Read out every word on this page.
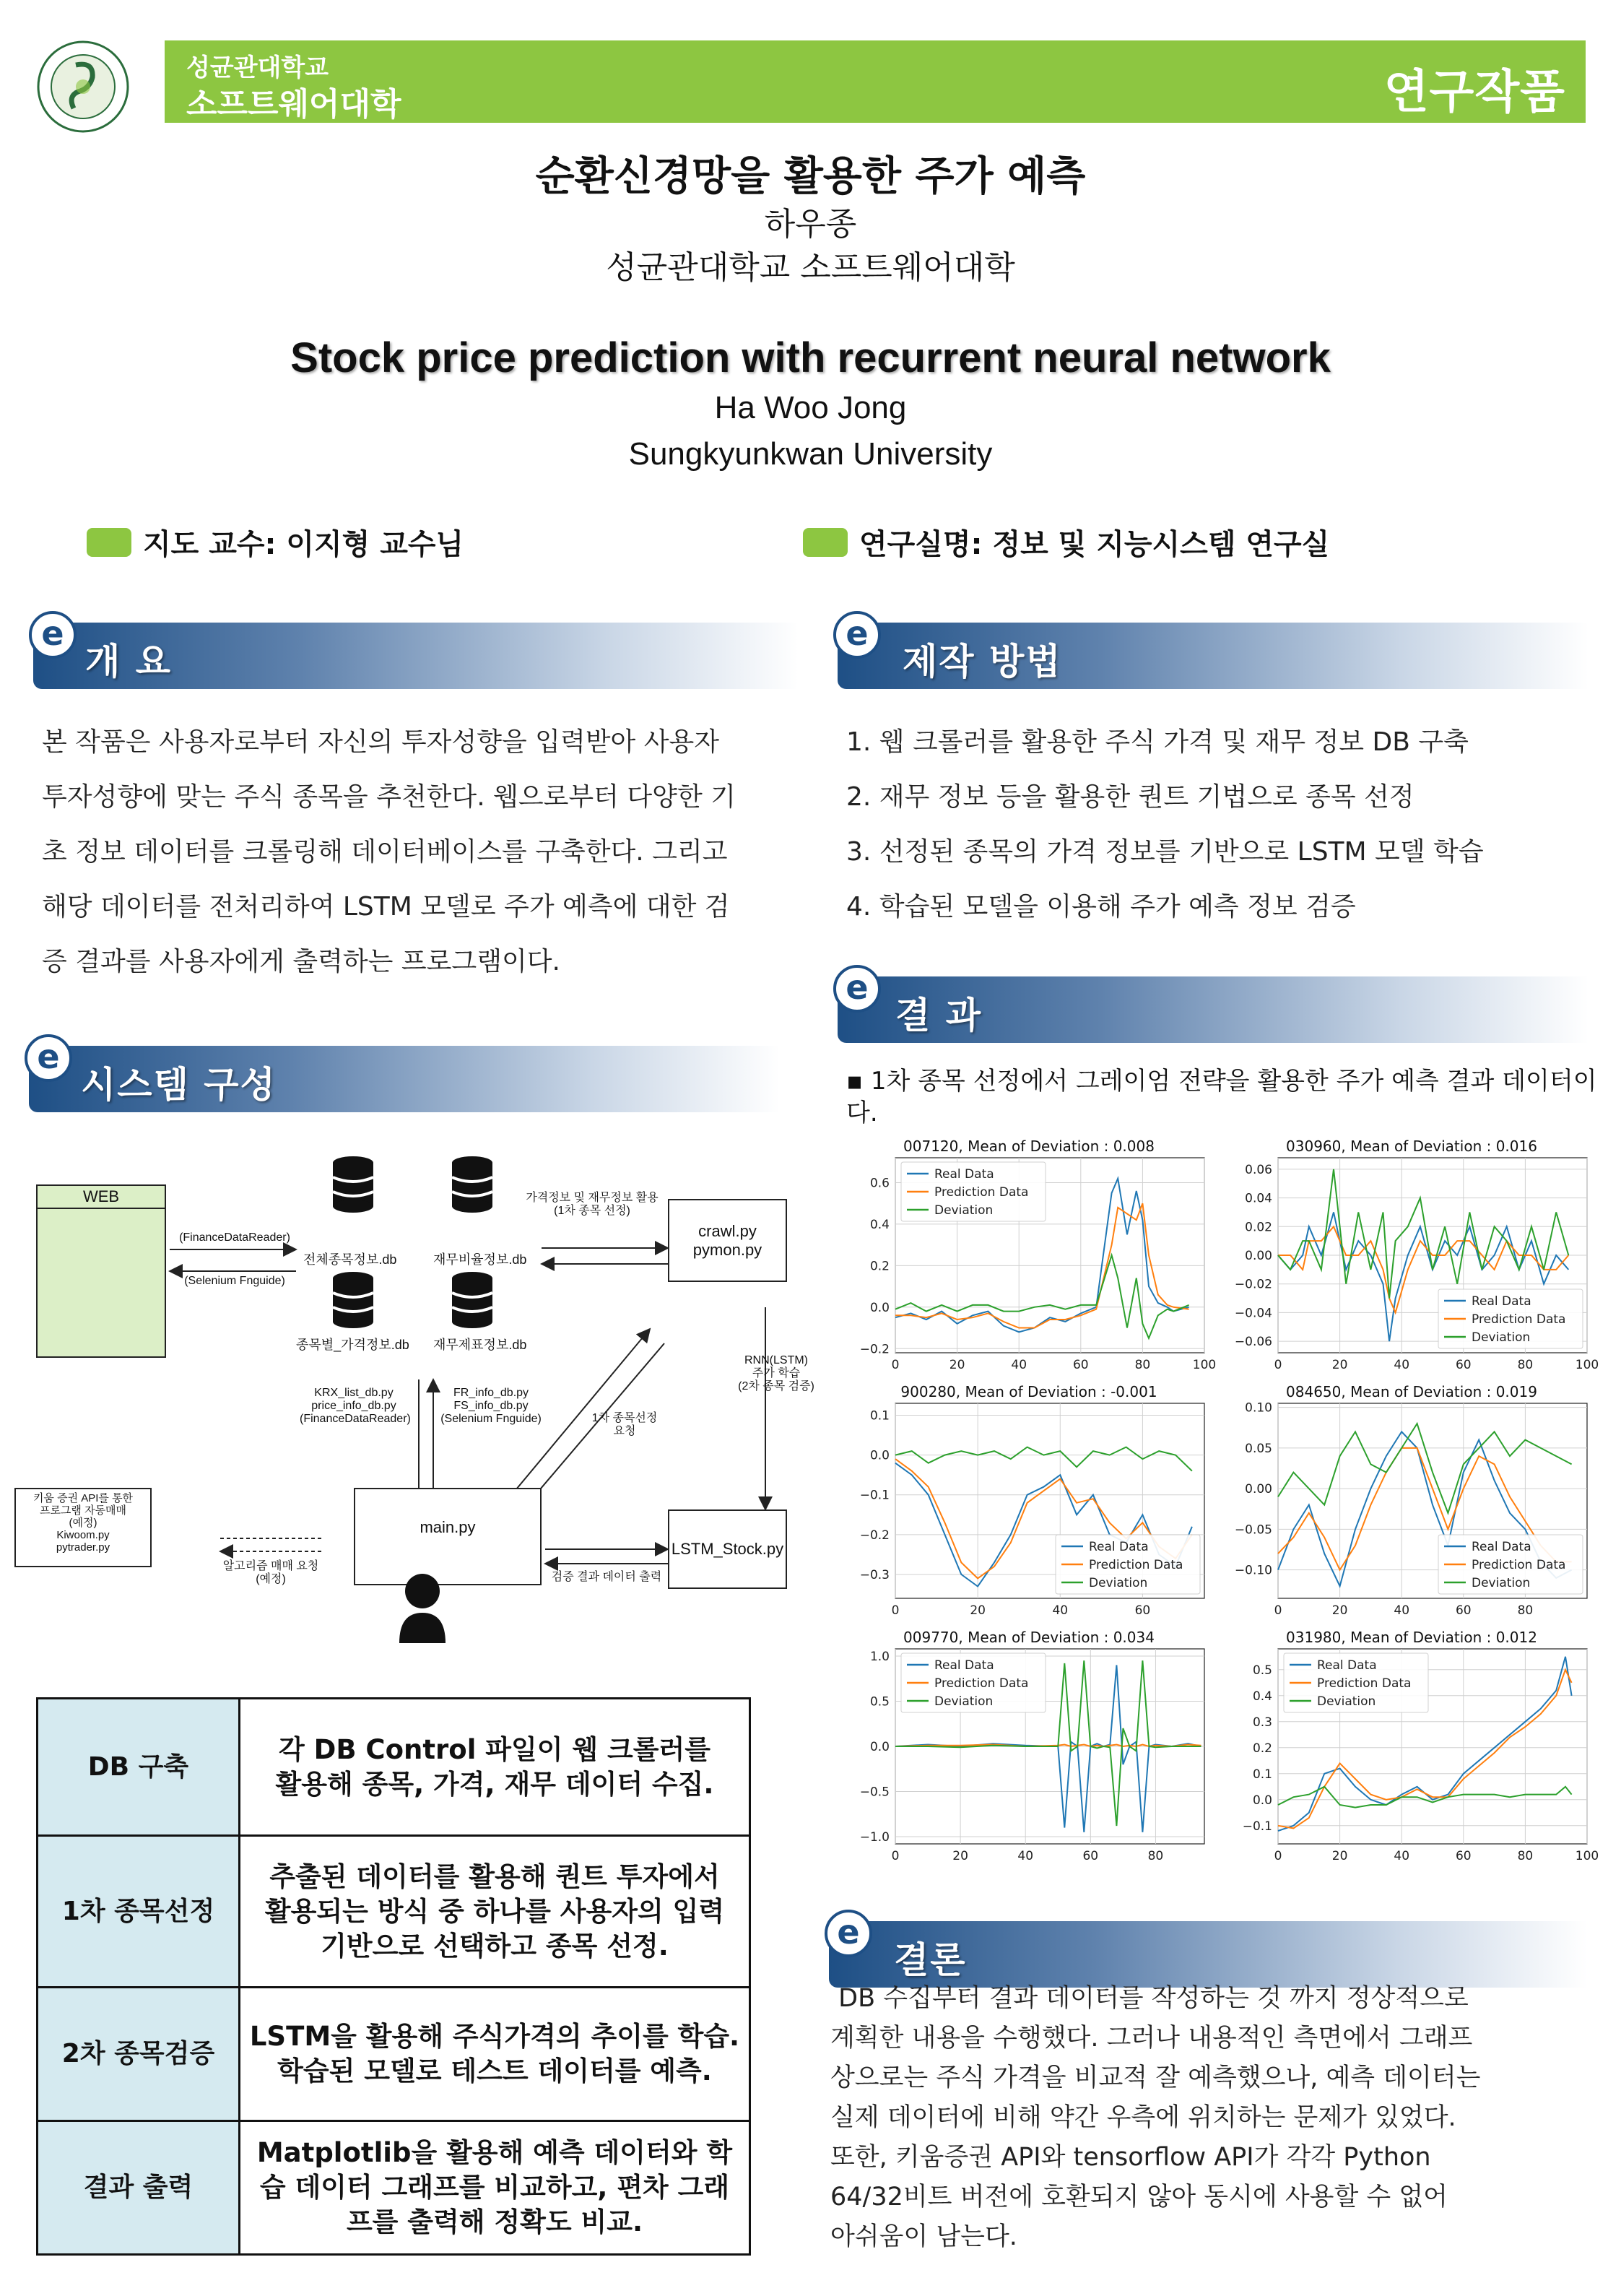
성균관대학교
소프트웨어대학	연구작품
순환신경망을 활용한 주가 예측
하우종
성균관대학교 소프트웨어대학
Stock price prediction with recurrent neural network
Ha Woo Jong
Sungkyunkwan University
지도 교수: 이지형 교수님	연구실명: 정보 및 지능시스템 연구실
e
개 요
본 작품은 사용자로부터 자신의 투자성향을 입력받아 사용자
투자성향에 맞는 주식 종목을 추천한다. 웹으로부터 다양한 기
초 정보 데이터를 크롤링해 데이터베이스를 구축한다. 그리고
해당 데이터를 전처리하여 LSTM 모델로 주가 예측에 대한 검
증 결과를 사용자에게 출력하는 프로그램이다.
e
시스템 구성
WEB
(FinanceDataReader)
(Selenium Fnguide)
전체종목정보.db	재무비율정보.db
종목별_가격정보.db 재무제표정보.db
가격정보 및 재무정보 활용
(1차 종목 선정)
crawl.py
pymon.py
KRX_list_db.py
price_info_db.py
(FinanceDataReader)
FR_info_db.py
FS_info_db.py
(Selenium Fnguide)	1차 종목선정
요청
RNN(LSTM)
주가 학습
(2차 종목 검증)
키움 증권 API를 통한
프로그램 자동매매
(예정)
Kiwoom.py
pytrader.py
알고리즘 매매 요청
(예정)
main.py
검증 결과 데이터 출력
LSTM_Stock.py
DB 구축	각 DB Control 파일이 웹 크롤러를
활용해 종목, 가격, 재무 데이터 수집.
1차 종목선정	추출된 데이터를 활용해 퀀트 투자에서
활용되는 방식 중 하나를 사용자의 입력
기반으로 선택하고 종목 선정.
2차 종목검증	LSTM을 활용해 주식가격의 추이를 학습.
학습된 모델로 테스트 데이터를 예측.
결과 출력	Matplotlib을 활용해 예측 데이터와 학
습 데이터 그래프를 비교하고, 편차 그래
프를 출력해 정확도 비교.
e
제작 방법
1. 웹 크롤러를 활용한 주식 가격 및 재무 정보 DB 구축
2. 재무 정보 등을 활용한 퀀트 기법으로 종목 선정
3. 선정된 종목의 가격 정보를 기반으로 LSTM 모델 학습
4. 학습된 모델을 이용해 주가 예측 정보 검증
e
결 과
▪ 1차 종목 선정에서 그레이엄 전략을 활용한 주가 예측 결과 데이터이다.
007120, Mean of Deviation : 0.008
0	20	40	60	80	100
−0.2
0.0
0.2
0.4
0.6
Real Data
Prediction Data
Deviation
030960, Mean of Deviation : 0.016
0	20	40	60	80	100
−0.06
−0.04
−0.02
0.00
0.02
0.04
0.06
Real Data
Prediction Data
Deviation
900280, Mean of Deviation : -0.001
0	20	40	60
−0.3
−0.2
−0.1
0.0
0.1
Real Data
Prediction Data
Deviation
084650, Mean of Deviation : 0.019
0	20	40	60	80
−0.10
−0.05
0.00
0.05
0.10
Real Data
Prediction Data
Deviation
009770, Mean of Deviation : 0.034
0	20	40	60	80
−1.0
−0.5
0.0
0.5
1.0
Real Data
Prediction Data
Deviation
031980, Mean of Deviation : 0.012
0	20	40	60	80	100
−0.1
0.0
0.1
0.2
0.3
0.4
0.5	Real Data
Prediction Data
Deviation
e
결론
DB 수집부터 결과 데이터를 작성하는 것 까지 정상적으로
계획한 내용을 수행했다. 그러나 내용적인 측면에서 그래프
상으로는 주식 가격을 비교적 잘 예측했으나, 예측 데이터는
실제 데이터에 비해 약간 우측에 위치하는 문제가 있었다.
또한, 키움증권 API와 tensorflow API가 각각 Python
64/32비트 버전에 호환되지 않아 동시에 사용할 수 없어
아쉬움이 남는다.
